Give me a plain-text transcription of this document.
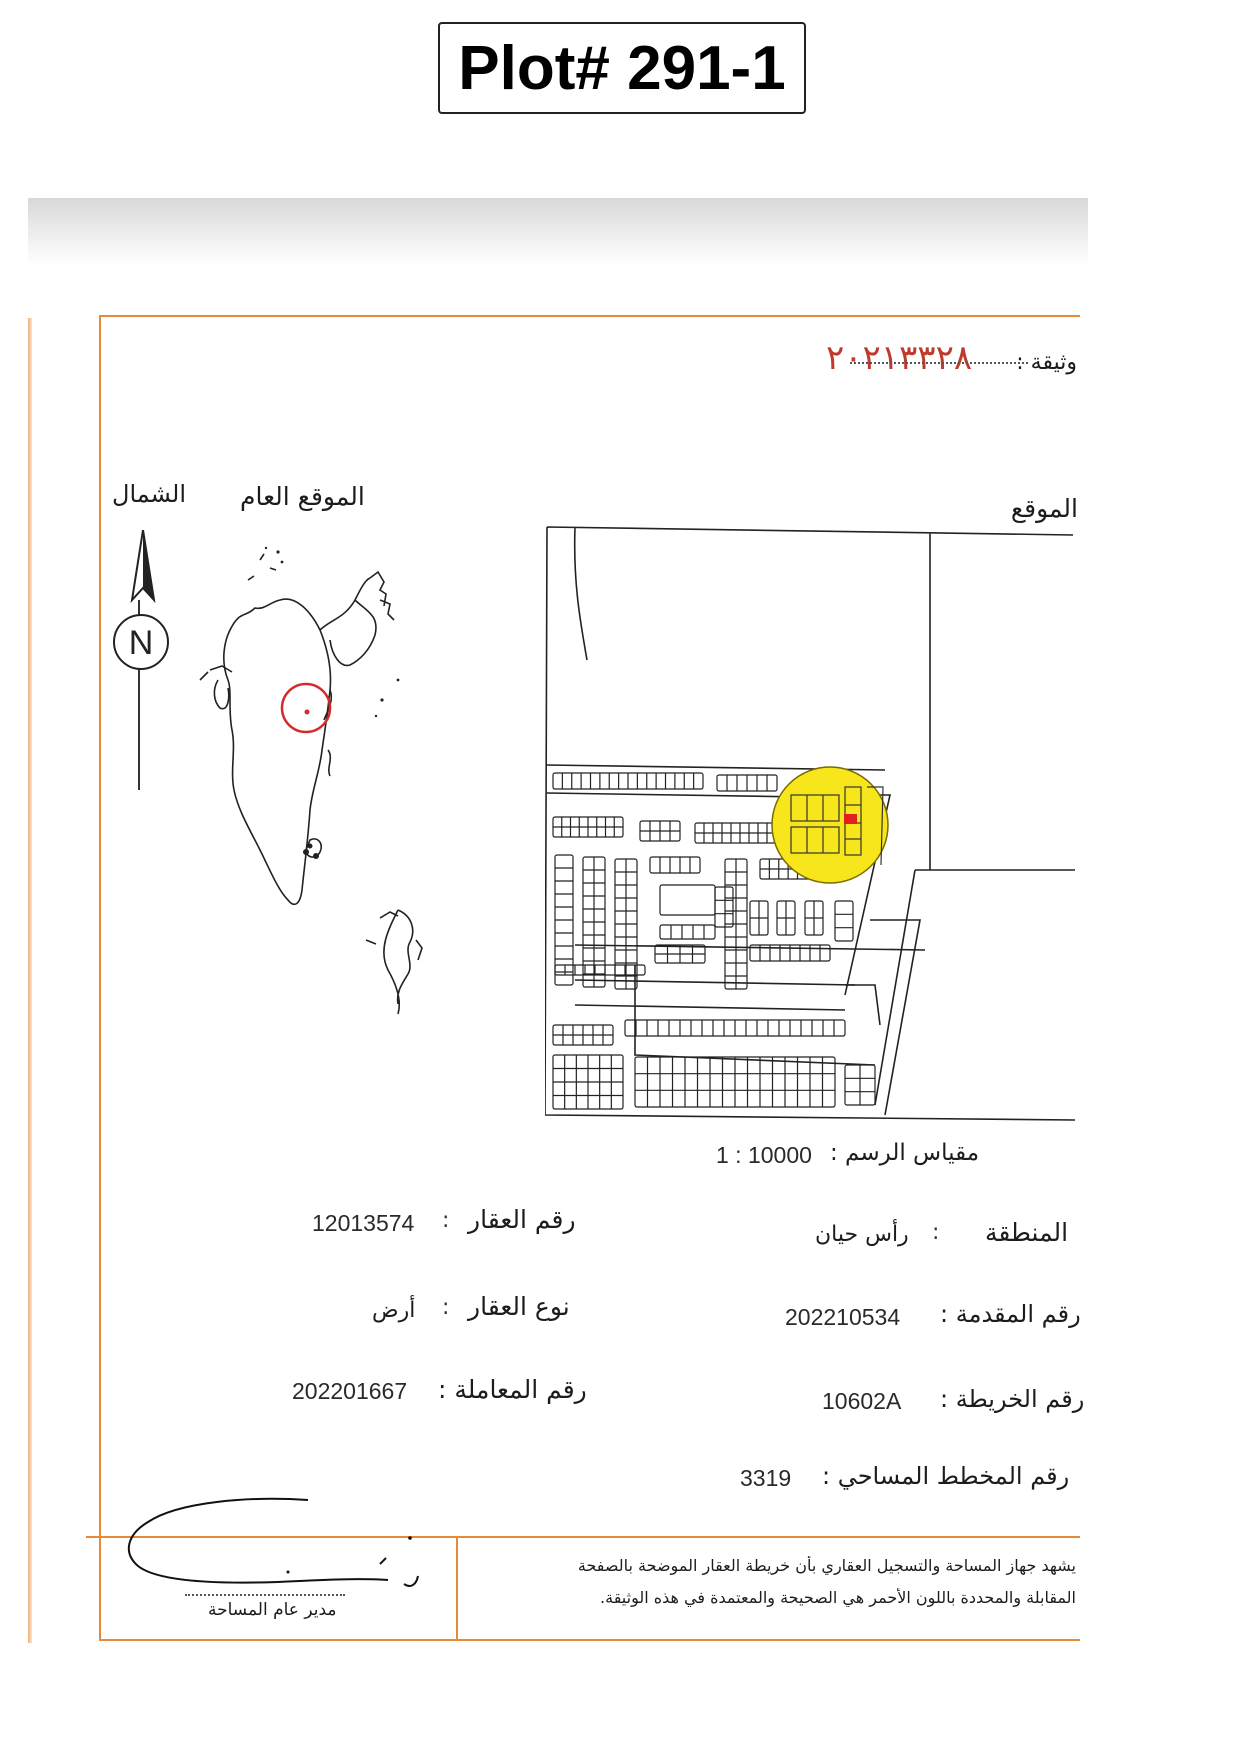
Plot# 291-1
٢٠٢١٣٣٢٨ وثيقة :
الموقع العام
الشمال	الموقع
N
مقياس الرسم :
1 : 10000
المنطقة
:
رأس حيان
رقم العقار
:
12013574
رقم المقدمة :
202210534
نوع العقار
:
أرض
رقم الخريطة :
10602A
رقم المعاملة :
202201667
رقم المخطط المساحي :
3319
يشهد جهاز المساحة والتسجيل العقاري بأن خريطة العقار الموضحة بالصفحة
المقابلة والمحددة باللون الأحمر هي الصحيحة والمعتمدة في هذه الوثيقة.
مدير عام المساحة
